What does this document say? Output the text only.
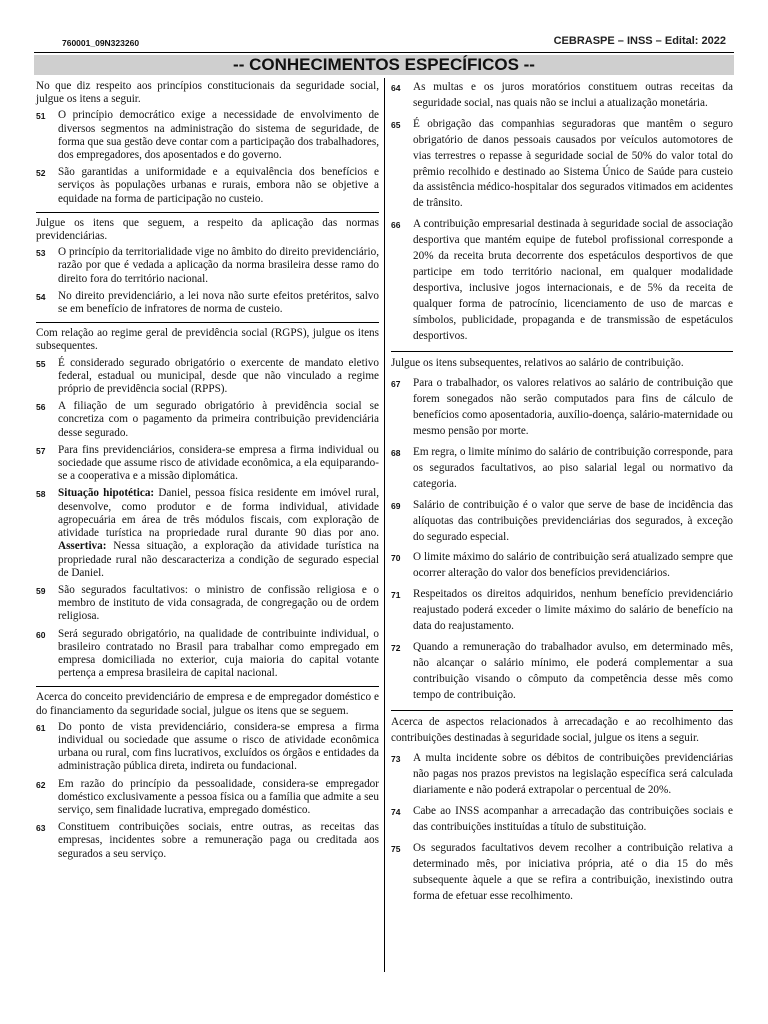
760001_09N323260	CEBRASPE – INSS – Edital: 2022
-- CONHECIMENTOS ESPECÍFICOS --

No que diz respeito aos princípios constitucionais da seguridade social, julgue os itens a seguir.

51	O princípio democrático exige a necessidade de envolvimento de diversos segmentos na administração do sistema de seguridade, de forma que sua gestão deve contar com a participação dos trabalhadores, dos empregadores, dos aposentados e do governo.
52	São garantidas a uniformidade e a equivalência dos benefícios e serviços às populações urbanas e rurais, embora não se objetive a equidade na forma de participação no custeio.

Julgue os itens que seguem, a respeito da aplicação das normas previdenciárias.

53	O princípio da territorialidade vige no âmbito do direito previdenciário, razão por que é vedada a aplicação da norma brasileira desse ramo do direito fora do território nacional.
54	No direito previdenciário, a lei nova não surte efeitos pretéritos, salvo se em benefício de infratores de norma de custeio.

Com relação ao regime geral de previdência social (RGPS), julgue os itens subsequentes.

55	É considerado segurado obrigatório o exercente de mandato eletivo federal, estadual ou municipal, desde que não vinculado a regime próprio de previdência social (RPPS).
56	A filiação de um segurado obrigatório à previdência social se concretiza com o pagamento da primeira contribuição previdenciária desse segurado.
57	Para fins previdenciários, considera-se empresa a firma individual ou sociedade que assume risco de atividade econômica, a ela equiparando-se a cooperativa e a missão diplomática.
58	Situação hipotética: Daniel, pessoa física residente em imóvel rural, desenvolve, como produtor e de forma individual, atividade agropecuária em área de três módulos fiscais, com exploração de atividade turística na propriedade rural durante 90 dias por ano. Assertiva: Nessa situação, a exploração da atividade turística na propriedade rural não descaracteriza a condição de segurado especial de Daniel.
59	São segurados facultativos: o ministro de confissão religiosa e o membro de instituto de vida consagrada, de congregação ou de ordem religiosa.
60	Será segurado obrigatório, na qualidade de contribuinte individual, o brasileiro contratado no Brasil para trabalhar como empregado em empresa domiciliada no exterior, cuja maioria do capital votante pertença a empresa brasileira de capital nacional.

Acerca do conceito previdenciário de empresa e de empregador doméstico e do financiamento da seguridade social, julgue os itens que se seguem.

61	Do ponto de vista previdenciário, considera-se empresa a firma individual ou sociedade que assume o risco de atividade econômica urbana ou rural, com fins lucrativos, excluídos os órgãos e entidades da administração pública direta, indireta ou fundacional.
62	Em razão do princípio da pessoalidade, considera-se empregador doméstico exclusivamente a pessoa física ou a família que admite a seu serviço, sem finalidade lucrativa, empregado doméstico.
63	Constituem contribuições sociais, entre outras, as receitas das empresas, incidentes sobre a remuneração paga ou creditada aos segurados a seu serviço.
64	As multas e os juros moratórios constituem outras receitas da seguridade social, nas quais não se inclui a atualização monetária.
65	É obrigação das companhias seguradoras que mantêm o seguro obrigatório de danos pessoais causados por veículos automotores de vias terrestres o repasse à seguridade social de 50% do valor total do prêmio recolhido e destinado ao Sistema Único de Saúde para custeio da assistência médico-hospitalar dos segurados vitimados em acidentes de trânsito.
66	A contribuição empresarial destinada à seguridade social de associação desportiva que mantém equipe de futebol profissional corresponde a 20% da receita bruta decorrente dos espetáculos desportivos de que participe em todo território nacional, em qualquer modalidade desportiva, inclusive jogos internacionais, e de 5% da receita de qualquer forma de patrocínio, licenciamento de uso de marcas e símbolos, publicidade, propaganda e de transmissão de espetáculos desportivos.

Julgue os itens subsequentes, relativos ao salário de contribuição.

67	Para o trabalhador, os valores relativos ao salário de contribuição que forem sonegados não serão computados para fins de cálculo de benefícios como aposentadoria, auxílio-doença, salário-maternidade ou mesmo pensão por morte.
68	Em regra, o limite mínimo do salário de contribuição corresponde, para os segurados facultativos, ao piso salarial legal ou normativo da categoria.
69	Salário de contribuição é o valor que serve de base de incidência das alíquotas das contribuições previdenciárias dos segurados, à exceção do segurado especial.
70	O limite máximo do salário de contribuição será atualizado sempre que ocorrer alteração do valor dos benefícios previdenciários.
71	Respeitados os direitos adquiridos, nenhum benefício previdenciário reajustado poderá exceder o limite máximo do salário de benefício na data do reajustamento.
72	Quando a remuneração do trabalhador avulso, em determinado mês, não alcançar o salário mínimo, ele poderá complementar a sua contribuição visando o cômputo da competência desse mês como tempo de contribuição.

Acerca de aspectos relacionados à arrecadação e ao recolhimento das contribuições destinadas à seguridade social, julgue os itens a seguir.

73	A multa incidente sobre os débitos de contribuições previdenciárias não pagas nos prazos previstos na legislação específica será calculada diariamente e não poderá extrapolar o percentual de 20%.
74	Cabe ao INSS acompanhar a arrecadação das contribuições sociais e das contribuições instituídas a título de substituição.
75	Os segurados facultativos devem recolher a contribuição relativa a determinado mês, por iniciativa própria, até o dia 15 do mês subsequente àquele a que se refira a contribuição, inexistindo outra forma de efetuar esse recolhimento.
